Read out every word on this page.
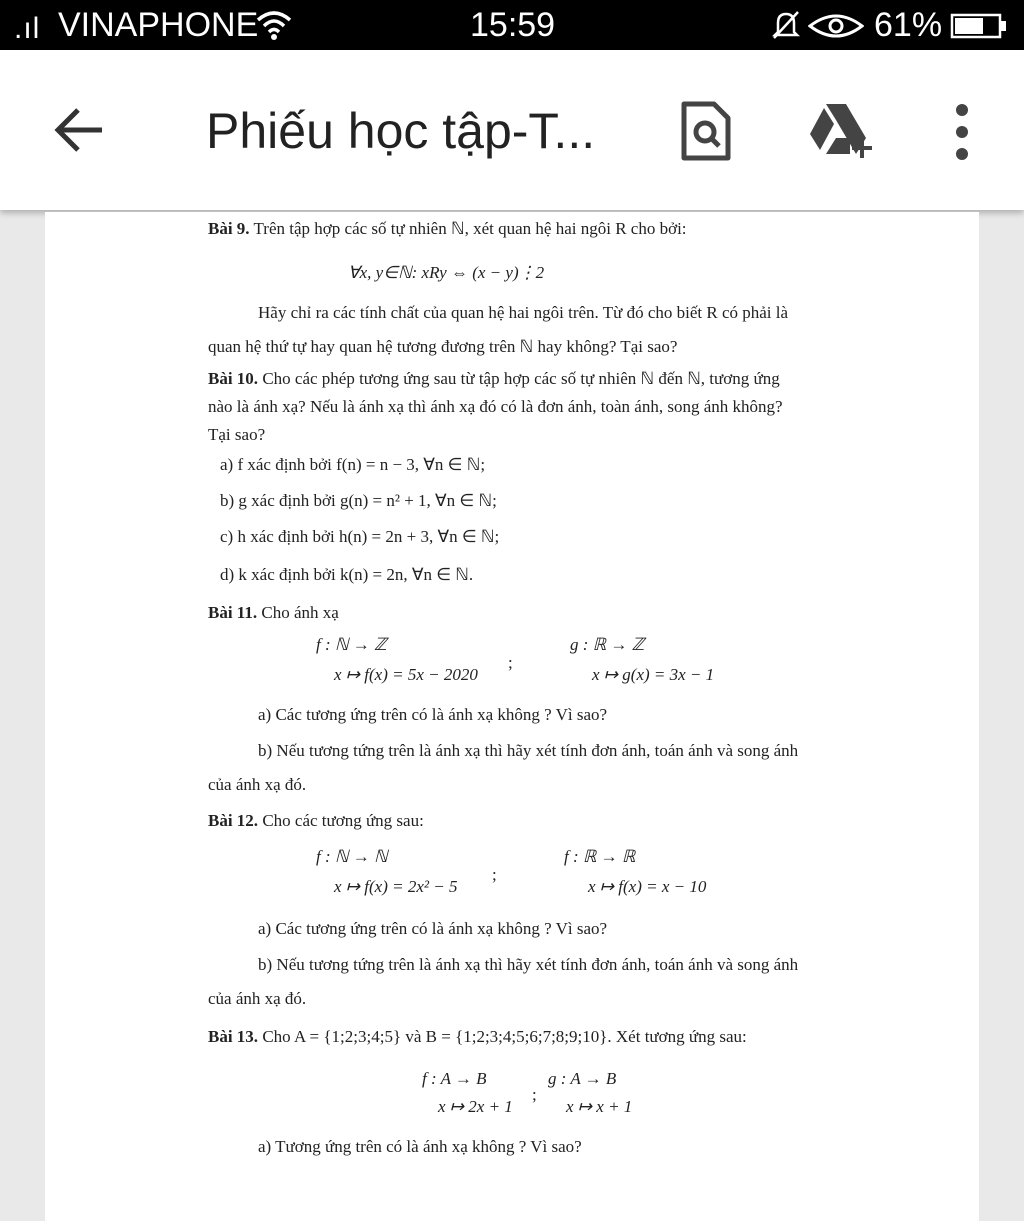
.ıl VINAPHONE	15:59	61%
Phiếu học tập-T...
Bài 9. Trên tập hợp các số tự nhiên ℕ, xét quan hệ hai ngôi R cho bởi:
∀x, y∈ℕ: xRy ⇔ (x − y)⋮2
Hãy chỉ ra các tính chất của quan hệ hai ngôi trên. Từ đó cho biết R có phải là
quan hệ thứ tự hay quan hệ tương đương trên ℕ hay không? Tại sao?
Bài 10. Cho các phép tương ứng sau từ tập hợp các số tự nhiên ℕ đến ℕ, tương ứng
nào là ánh xạ? Nếu là ánh xạ thì ánh xạ đó có là đơn ánh, toàn ánh, song ánh không?
Tại sao?
a) f xác định bởi f(n) = n − 3, ∀n ∈ ℕ;
b) g xác định bởi g(n) = n² + 1, ∀n ∈ ℕ;
c) h xác định bởi h(n) = 2n + 3, ∀n ∈ ℕ;
d) k xác định bởi k(n) = 2n, ∀n ∈ ℕ.
Bài 11. Cho ánh xạ
f : ℕ → ℤ
x ↦ f(x) = 5x − 2020
;
g : ℝ → ℤ
x ↦ g(x) = 3x − 1
a) Các tương ứng trên có là ánh xạ không ? Vì sao?
b) Nếu tương tứng trên là ánh xạ thì hãy xét tính đơn ánh, toán ánh và song ánh
của ánh xạ đó.
Bài 12. Cho các tương ứng sau:
f : ℕ → ℕ
x ↦ f(x) = 2x² − 5
;
f : ℝ → ℝ
x ↦ f(x) = x − 10
a) Các tương ứng trên có là ánh xạ không ? Vì sao?
b) Nếu tương tứng trên là ánh xạ thì hãy xét tính đơn ánh, toán ánh và song ánh
của ánh xạ đó.
Bài 13. Cho A = {1;2;3;4;5} và B = {1;2;3;4;5;6;7;8;9;10}. Xét tương ứng sau:
f : A → B
x ↦ 2x + 1
;
g : A → B
x ↦ x + 1
a) Tương ứng trên có là ánh xạ không ? Vì sao?
